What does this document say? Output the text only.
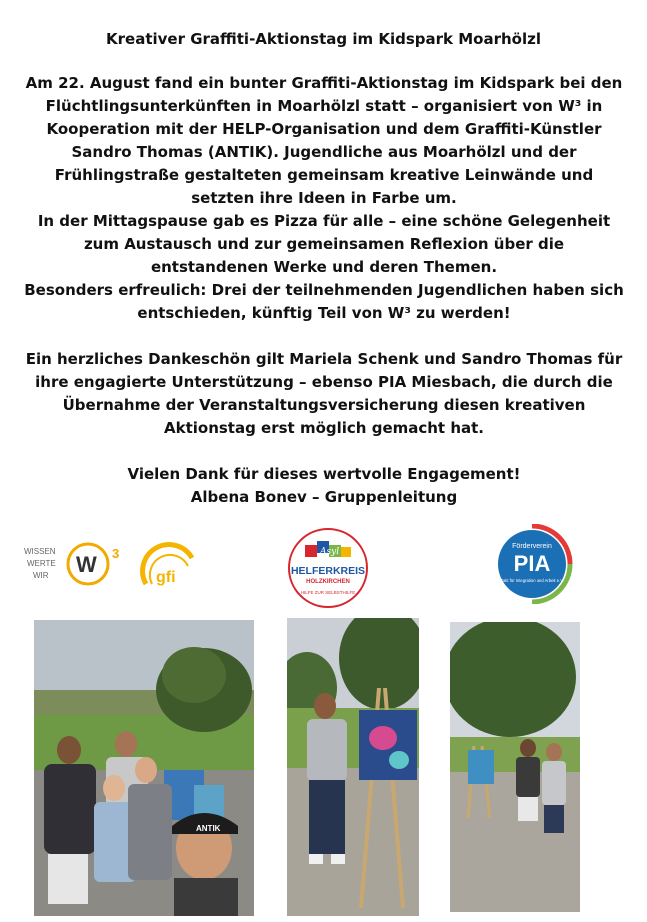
Kreativer Graffiti-Aktionstag im Kidspark Moarhölzl

Am 22. August fand ein bunter Graffiti-Aktionstag im Kidspark bei den Flüchtlingsunterkünften in Moarhölzl statt – organisiert von W³ in Kooperation mit der HELP-Organisation und dem Graffiti-Künstler Sandro Thomas (ANTIK). Jugendliche aus Moarhölzl und der Frühlingstraße gestalteten gemeinsam kreative Leinwände und setzten ihre Ideen in Farbe um.

In der Mittagspause gab es Pizza für alle – eine schöne Gelegenheit zum Austausch und zur gemeinsamen Reflexion über die entstandenen Werke und deren Themen.

Besonders erfreulich: Drei der teilnehmenden Jugendlichen haben sich entschieden, künftig Teil von W³ zu werden!

Ein herzliches Dankeschön gilt Mariela Schenk und Sandro Thomas für ihre engagierte Unterstützung – ebenso PIA Miesbach, die durch die Übernahme der Veranstaltungsversicherung diesen kreativen Aktionstag erst möglich gemacht hat.

Vielen Dank für dieses wertvolle Engagement!

Albena Bonev – Gruppenleitung

WISSEN
WERTE
WIR W 3
gfi
Asyl
HELFERKREIS
HOLZKIRCHEN
HILFE ZUR SELBSTHILFE
Förderverein
PIA
Pakt für Integration und Arbeit e.V.
ANTIK
